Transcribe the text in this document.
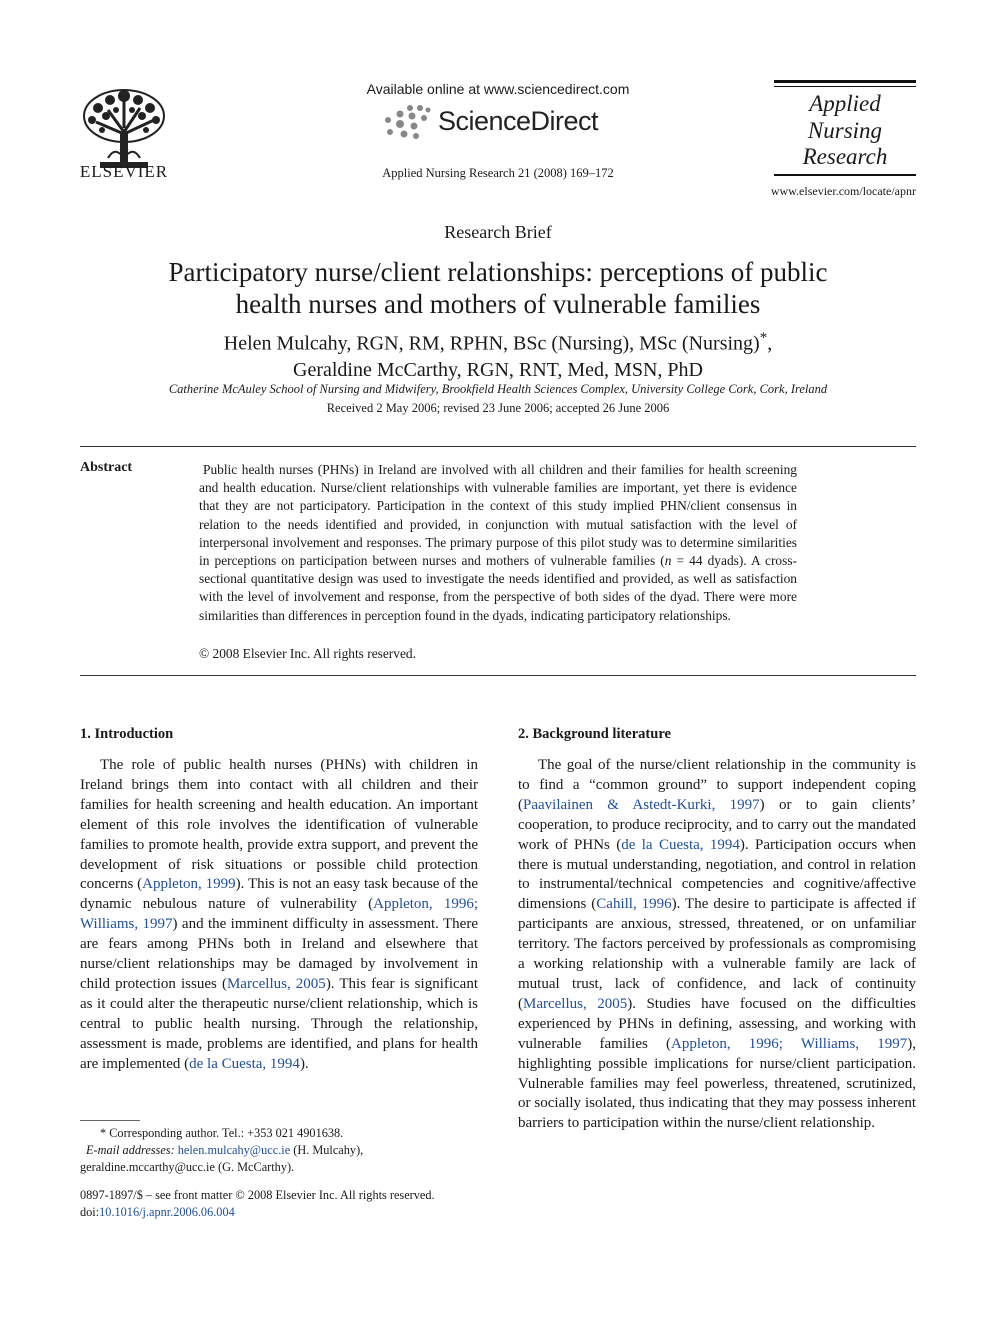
ELSEVIER
Available online at www.sciencedirect.com
ScienceDirect
Applied Nursing Research 21 (2008) 169–172
Applied
Nursing
Research
www.elsevier.com/locate/apnr
Research Brief
Participatory nurse/client relationships: perceptions of public
health nurses and mothers of vulnerable families
Helen Mulcahy, RGN, RM, RPHN, BSc (Nursing), MSc (Nursing)*,
Geraldine McCarthy, RGN, RNT, Med, MSN, PhD
Catherine McAuley School of Nursing and Midwifery, Brookfield Health Sciences Complex, University College Cork, Cork, Ireland
Received 2 May 2006; revised 23 June 2006; accepted 26 June 2006
Abstract	Public health nurses (PHNs) in Ireland are involved with all children and their families for health screening and health education. Nurse/client relationships with vulnerable families are important, yet there is evidence that they are not participatory. Participation in the context of this study implied PHN/client consensus in relation to the needs identified and provided, in conjunction with mutual satisfaction with the level of interpersonal involvement and responses. The primary purpose of this pilot study was to determine similarities in perceptions on participation between nurses and mothers of vulnerable families (n = 44 dyads). A cross-sectional quantitative design was used to investigate the needs identified and provided, as well as satisfaction with the level of involvement and response, from the perspective of both sides of the dyad. There were more similarities than differences in perception found in the dyads, indicating participatory relationships.
© 2008 Elsevier Inc. All rights reserved.
1. Introduction

The role of public health nurses (PHNs) with children in Ireland brings them into contact with all children and their families for health screening and health education. An important element of this role involves the identification of vulnerable families to promote health, provide extra support, and prevent the development of risk situations or possible child protection concerns (Appleton, 1999). This is not an easy task because of the dynamic nebulous nature of vulnerability (Appleton, 1996; Williams, 1997) and the imminent difficulty in assessment. There are fears among PHNs both in Ireland and elsewhere that nurse/client relationships may be damaged by involvement in child protection issues (Marcellus, 2005). This fear is significant as it could alter the therapeutic nurse/client relationship, which is central to public health nursing. Through the relationship, assessment is made, problems are identified, and plans for health are implemented (de la Cuesta, 1994).

* Corresponding author. Tel.: +353 021 4901638.
E-mail addresses: helen.mulcahy@ucc.ie (H. Mulcahy),
geraldine.mccarthy@ucc.ie (G. McCarthy).
0897-1897/$ – see front matter © 2008 Elsevier Inc. All rights reserved.
doi:10.1016/j.apnr.2006.06.004
2. Background literature

The goal of the nurse/client relationship in the community is to find a “common ground” to support independent coping (Paavilainen & Astedt-Kurki, 1997) or to gain clients’ cooperation, to produce reciprocity, and to carry out the mandated work of PHNs (de la Cuesta, 1994). Participation occurs when there is mutual understanding, negotiation, and control in relation to instrumental/technical competencies and cognitive/affective dimensions (Cahill, 1996). The desire to participate is affected if participants are anxious, stressed, threatened, or on unfamiliar territory. The factors perceived by professionals as compromising a working relationship with a vulnerable family are lack of mutual trust, lack of confidence, and lack of continuity (Marcellus, 2005). Studies have focused on the difficulties experienced by PHNs in defining, assessing, and working with vulnerable families (Appleton, 1996; Williams, 1997), highlighting possible implications for nurse/client participation. Vulnerable families may feel powerless, threatened, scrutinized, or socially isolated, thus indicating that they may possess inherent barriers to participation within the nurse/client relationship.
